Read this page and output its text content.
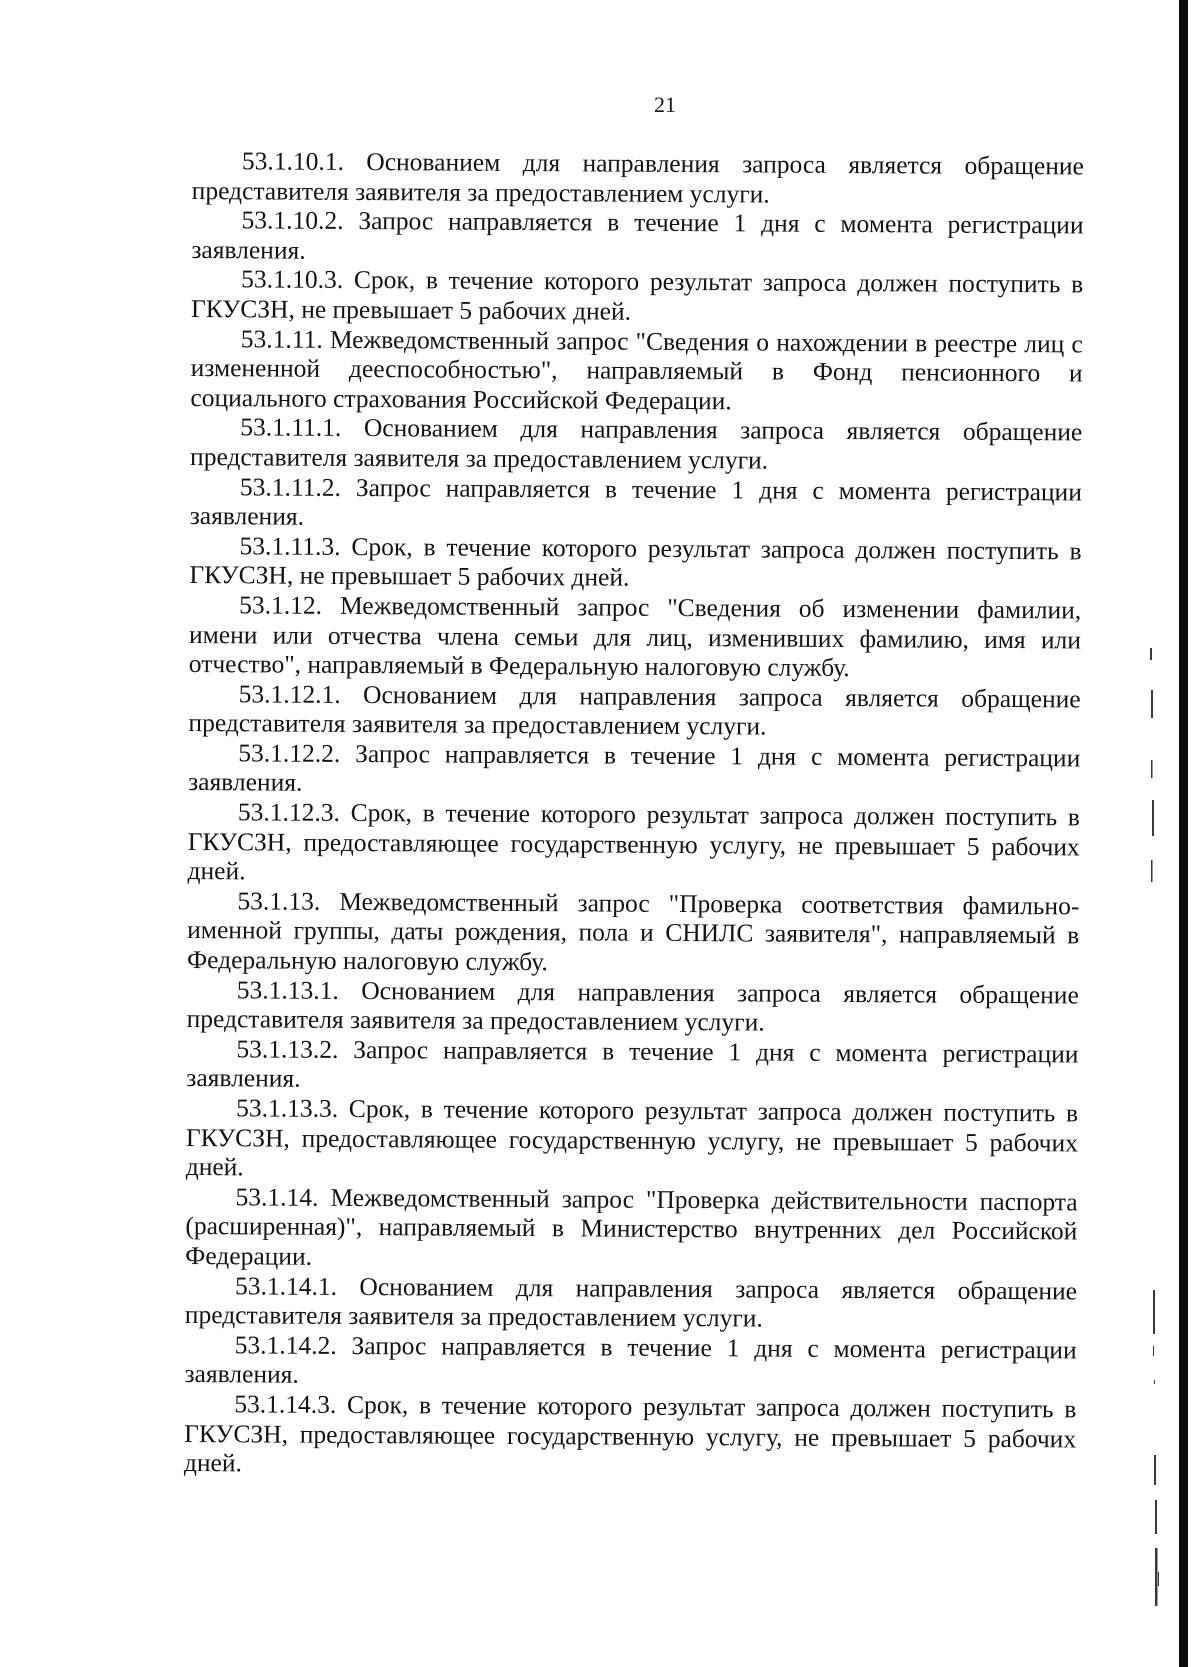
21

53.1.10.1. Основанием для направления запроса является обращение представителя заявителя за предоставлением услуги.

53.1.10.2. Запрос направляется в течение 1 дня с момента регистрации заявления.

53.1.10.3. Срок, в течение которого результат запроса должен поступить в ГКУСЗН, не превышает 5 рабочих дней.

53.1.11. Межведомственный запрос "Сведения о нахождении в реестре лиц с измененной дееспособностью", направляемый в Фонд пенсионного и социального страхования Российской Федерации.

53.1.11.1. Основанием для направления запроса является обращение представителя заявителя за предоставлением услуги.

53.1.11.2. Запрос направляется в течение 1 дня с момента регистрации заявления.

53.1.11.3. Срок, в течение которого результат запроса должен поступить в ГКУСЗН, не превышает 5 рабочих дней.

53.1.12. Межведомственный запрос "Сведения об изменении фамилии, имени или отчества члена семьи для лиц, изменивших фамилию, имя или отчество", направляемый в Федеральную налоговую службу.

53.1.12.1. Основанием для направления запроса является обращение представителя заявителя за предоставлением услуги.

53.1.12.2. Запрос направляется в течение 1 дня с момента регистрации заявления.

53.1.12.3. Срок, в течение которого результат запроса должен поступить в ГКУСЗН, предоставляющее государственную услугу, не превышает 5 рабочих дней.

53.1.13. Межведомственный запрос "Проверка соответствия фамильно-именной группы, даты рождения, пола и СНИЛС заявителя", направляемый в Федеральную налоговую службу.

53.1.13.1. Основанием для направления запроса является обращение представителя заявителя за предоставлением услуги.

53.1.13.2. Запрос направляется в течение 1 дня с момента регистрации заявления.

53.1.13.3. Срок, в течение которого результат запроса должен поступить в ГКУСЗН, предоставляющее государственную услугу, не превышает 5 рабочих дней.

53.1.14. Межведомственный запрос "Проверка действительности паспорта (расширенная)", направляемый в Министерство внутренних дел Российской Федерации.

53.1.14.1. Основанием для направления запроса является обращение представителя заявителя за предоставлением услуги.

53.1.14.2. Запрос направляется в течение 1 дня с момента регистрации заявления.

53.1.14.3. Срок, в течение которого результат запроса должен поступить в ГКУСЗН, предоставляющее государственную услугу, не превышает 5 рабочих дней.
